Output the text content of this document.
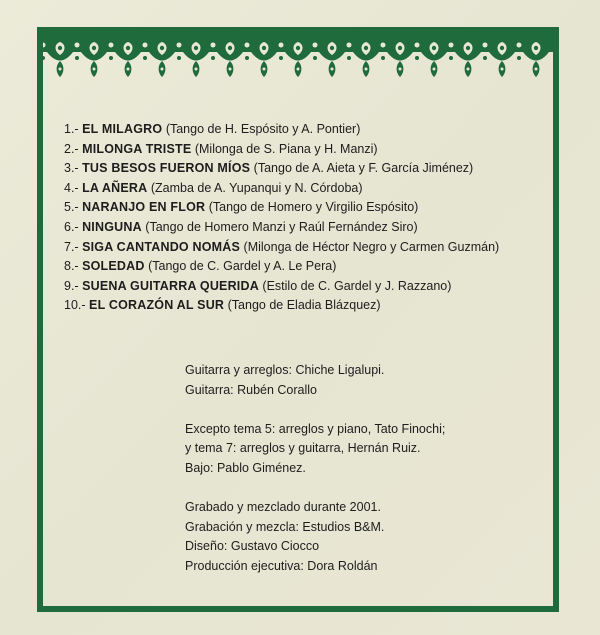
1.- EL MILAGRO (Tango de H. Espósito y A. Pontier)
2.- MILONGA TRISTE (Milonga de S. Piana y H. Manzi)
3.- TUS BESOS FUERON MÍOS (Tango de A. Aieta y F. García Jiménez)
4.- LA AÑERA (Zamba de A. Yupanqui y N. Córdoba)
5.- NARANJO EN FLOR (Tango de Homero y Virgilio Espósito)
6.- NINGUNA (Tango de Homero Manzi y Raúl Fernández Siro)
7.- SIGA CANTANDO NOMÁS (Milonga de Héctor Negro y Carmen Guzmán)
8.- SOLEDAD (Tango de C. Gardel y A. Le Pera)
9.- SUENA GUITARRA QUERIDA (Estilo de C. Gardel y J. Razzano)
10.- EL CORAZÓN AL SUR (Tango de Eladia Blázquez)
Guitarra y arreglos: Chiche Ligalupi.
Guitarra: Rubén Corallo
Excepto tema 5: arreglos y piano, Tato Finochi;
y tema 7: arreglos y guitarra, Hernán Ruiz.
Bajo: Pablo Giménez.
Grabado y mezclado durante 2001.
Grabación y mezcla: Estudios B&M.
Diseño: Gustavo Ciocco
Producción ejecutiva: Dora Roldán
